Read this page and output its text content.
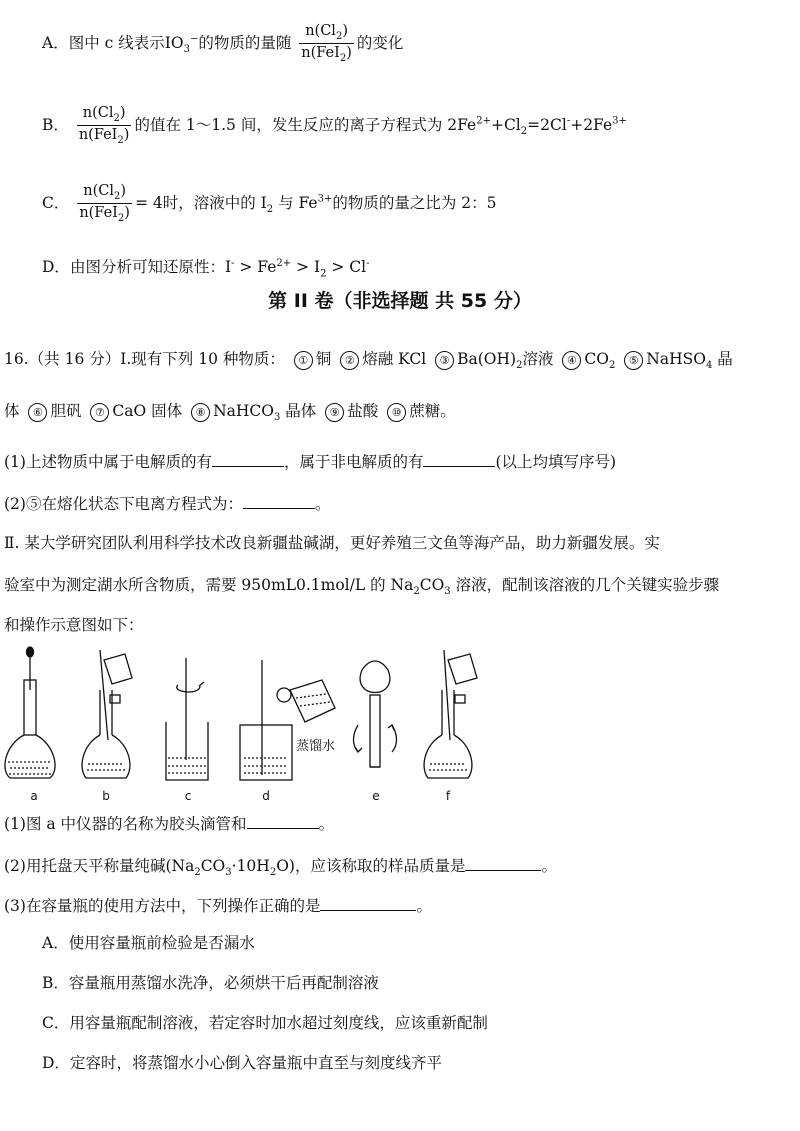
A．图中 c 线表示$IO_3^-$的物质的量随 $\frac{n(Cl_2)}{n(FeI_2)}$ 的变化
B． $\frac{n(Cl_2)}{n(FeI_2)}$ 的值在 1～1.5 间，发生反应的离子方程式为 $2Fe^{2+}+Cl_2=2Cl^-+2Fe^{3+}$
C． $\frac{n(Cl_2)}{n(FeI_2)} = 4$时，溶液中的 $I_2$ 与 $Fe^{3+}$的物质的量之比为 2：5
D．由图分析可知还原性：$I^- > Fe^{2+} > I_2 > Cl^-$
第 II 卷（非选择题 共 55 分）
16.（共 16 分）Ⅰ.现有下列 10 种物质： ① 铜 ② 熔融 KCl ③ $Ba(OH)_2$溶液 ④ $CO_2$ ⑤ NaHSO$_4$ 晶
体 ⑥ 胆矾 ⑦ CaO 固体 ⑧ NaHCO$_3$ 晶体 ⑨ 盐酸 ⑩ 蔗糖。
(1)上述物质中属于电解质的有	，属于非电解质的有	(以上均填写序号)
(2)⑤在熔化状态下电离方程式为：	。
Ⅱ. 某大学研究团队利用科学技术改良新疆盐碱湖，更好养殖三文鱼等海产品，助力新疆发展。实
验室中为测定湖水所含物质，需要 950mL0.1mol/L 的 $Na_2CO_3$ 溶液，配制该溶液的几个关键实验步骤
和操作示意图如下：
a	b	c	d	e	f
蒸馏水
(1)图 a 中仪器的名称为胶头滴管和	。
(2)用托盘天平称量纯碱$(Na_2CO_3\cdot 10H_2O)$，应该称取的样品质量是	。
(3)在容量瓶的使用方法中，下列操作正确的是	。
A．使用容量瓶前检验是否漏水
B．容量瓶用蒸馏水洗净，必须烘干后再配制溶液
C．用容量瓶配制溶液，若定容时加水超过刻度线，应该重新配制
D．定容时，将蒸馏水小心倒入容量瓶中直至与刻度线齐平
